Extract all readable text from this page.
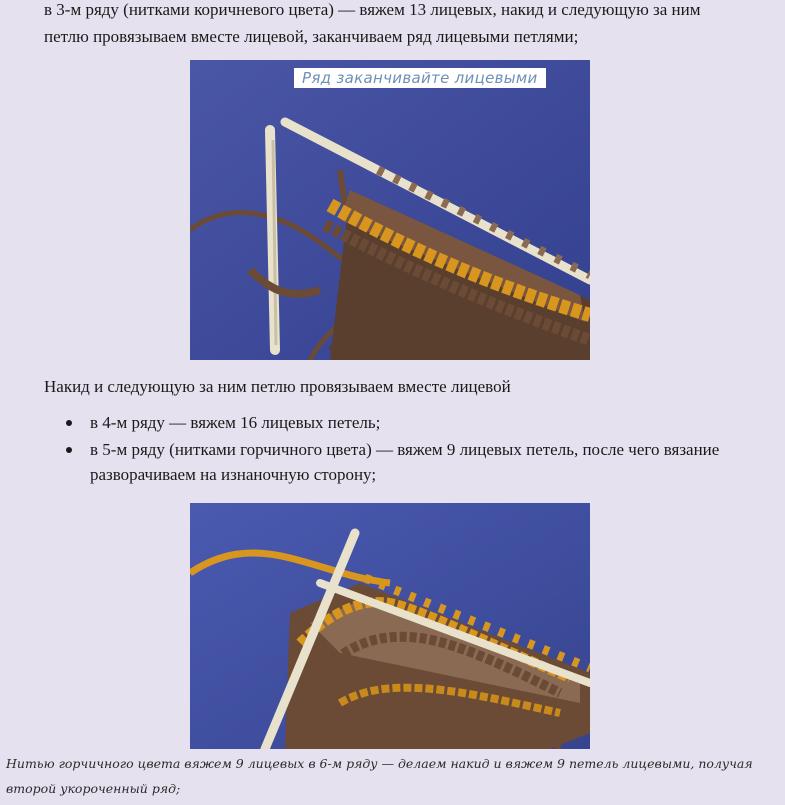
в 3-м ряду (нитками коричневого цвета) — вяжем 13 лицевых, накид и следующую за ним петлю провязываем вместе лицевой, заканчиваем ряд лицевыми петлями;

Ряд заканчивайте лицевыми

Накид и следующую за ним петлю провязываем вместе лицевой

в 4-м ряду — вяжем 16 лицевых петель;
в 5-м ряду (нитками горчичного цвета) — вяжем 9 лицевых петель, после чего вязание разворачиваем на изнаночную сторону;

Нитью горчичного цвета вяжем 9 лицевых в 6-м ряду — делаем накид и вяжем 9 петель лицевыми, получая второй укороченный ряд;
